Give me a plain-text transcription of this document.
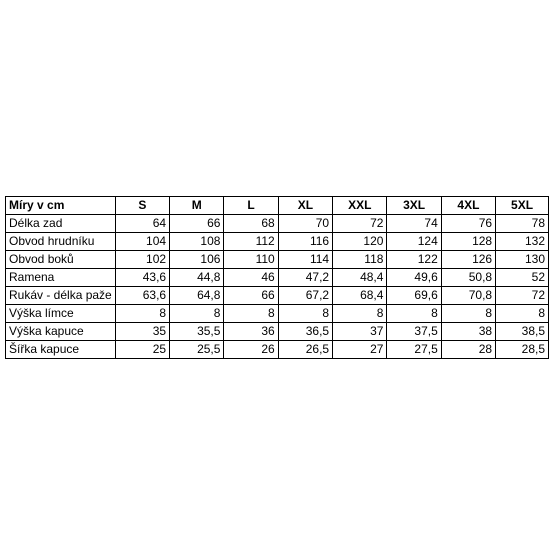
Míry v cm	S	M	L	XL	XXL	3XL	4XL	5XL
Délka zad	64	66	68	70	72	74	76	78
Obvod hrudníku	104	108	112	116	120	124	128	132
Obvod boků	102	106	110	114	118	122	126	130
Ramena	43,6	44,8	46	47,2	48,4	49,6	50,8	52
Rukáv - délka paže	63,6	64,8	66	67,2	68,4	69,6	70,8	72
Výška límce	8	8	8	8	8	8	8	8
Výška kapuce	35	35,5	36	36,5	37	37,5	38	38,5
Šířka kapuce	25	25,5	26	26,5	27	27,5	28	28,5
